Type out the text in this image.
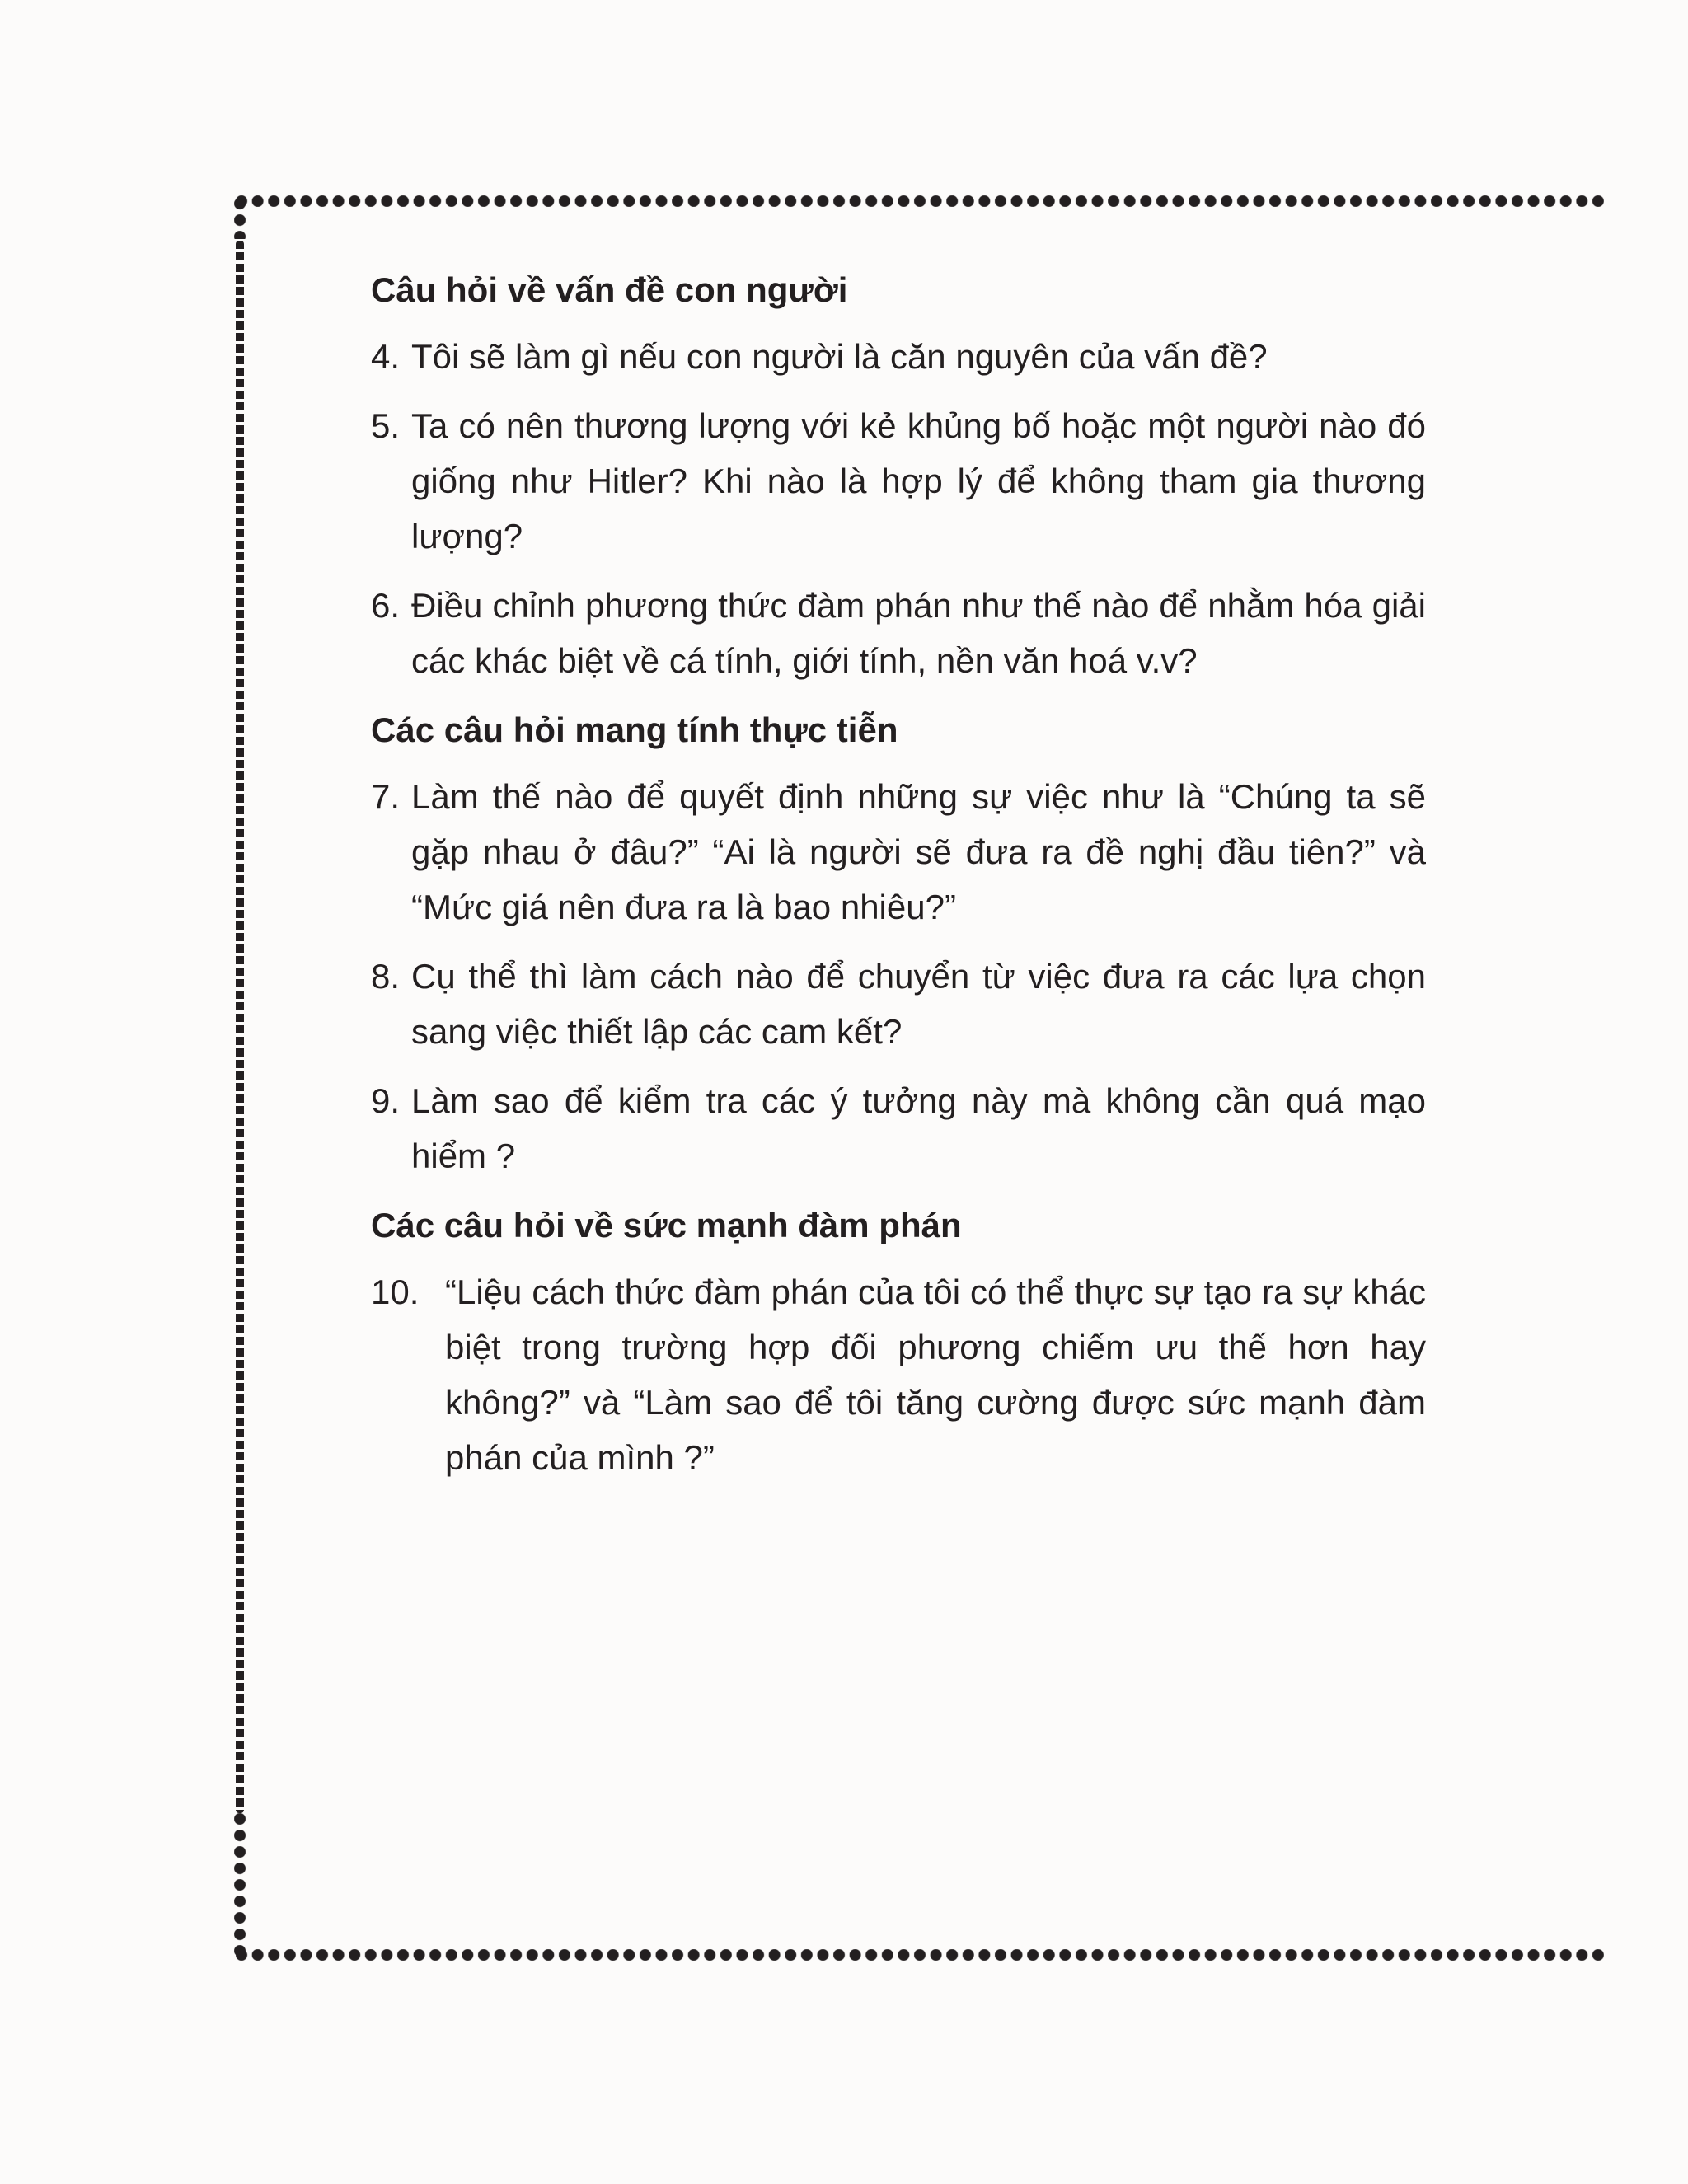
Câu hỏi về vấn đề con người
4. Tôi sẽ làm gì nếu con người là căn nguyên của vấn đề?
5. Ta có nên thương lượng với kẻ khủng bố hoặc một người nào đó giống như Hitler? Khi nào là hợp lý để không tham gia thương lượng?
6. Điều chỉnh phương thức đàm phán như thế nào để nhằm hóa giải các khác biệt về cá tính, giới tính, nền văn hoá v.v?
Các câu hỏi mang tính thực tiễn
7. Làm thế nào để quyết định những sự việc như là “Chúng ta sẽ gặp nhau ở đâu?” “Ai là người sẽ đưa ra đề nghị đầu tiên?” và “Mức giá nên đưa ra là bao nhiêu?”
8. Cụ thể thì làm cách nào để chuyển từ việc đưa ra các lựa chọn sang việc thiết lập các cam kết?
9. Làm sao để kiểm tra các ý tưởng này mà không cần quá mạo hiểm ?
Các câu hỏi về sức mạnh đàm phán
10. “Liệu cách thức đàm phán của tôi có thể thực sự tạo ra sự khác biệt trong trường hợp đối phương chiếm ưu thế hơn hay không?” và “Làm sao để tôi tăng cường được sức mạnh đàm phán của mình ?”
